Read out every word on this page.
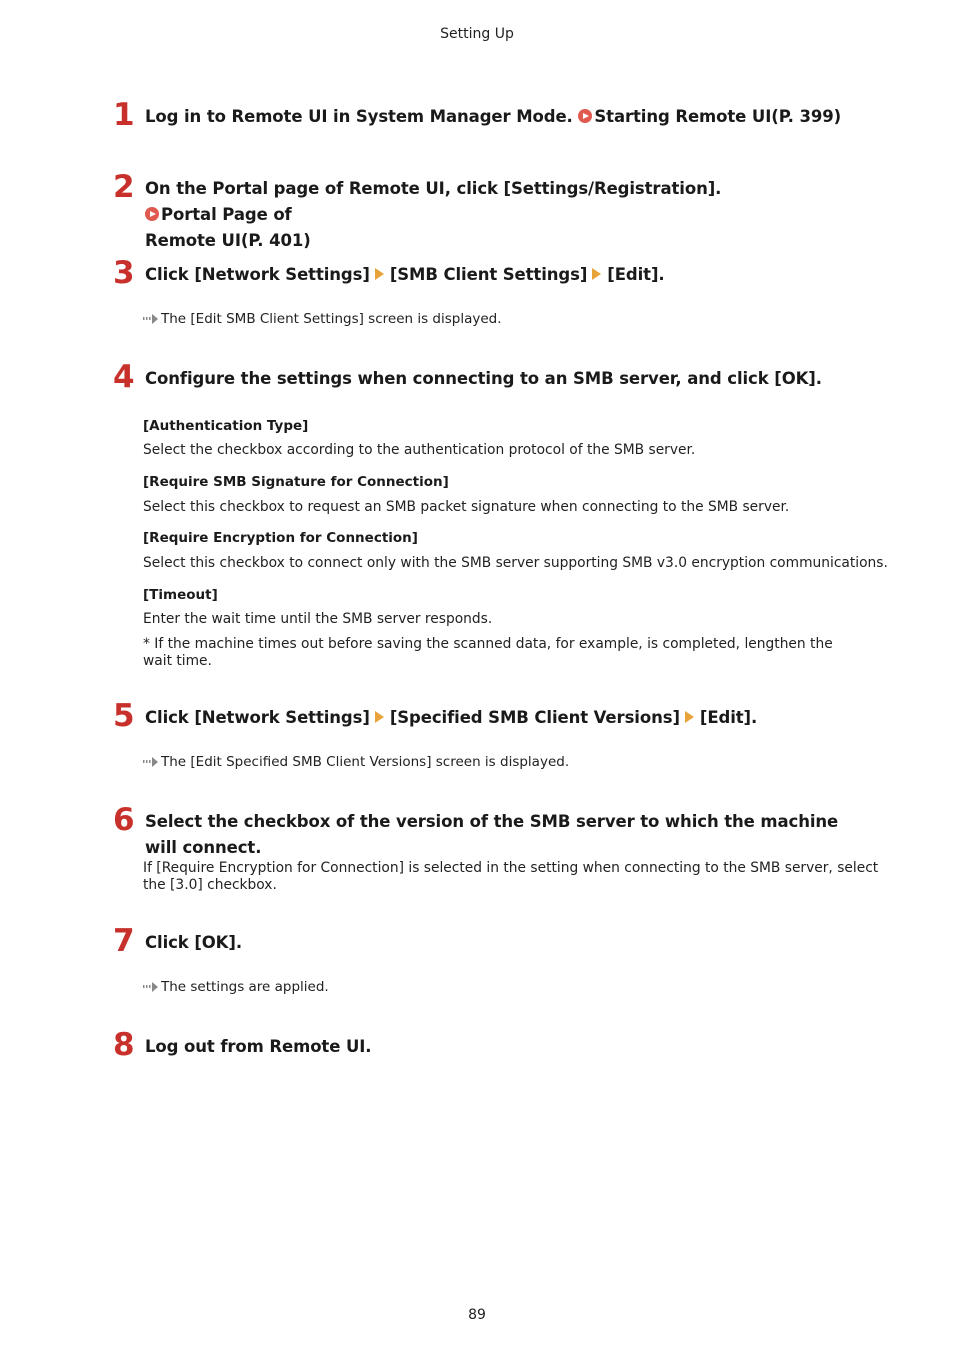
Setting Up
1 Log in to Remote UI in System Manager Mode. Starting Remote UI(P. 399)
2 On the Portal page of Remote UI, click [Settings/Registration]. Portal Page of
Remote UI(P. 401)
3 Click [Network Settings] [SMB Client Settings] [Edit].
The [Edit SMB Client Settings] screen is displayed.
4 Configure the settings when connecting to an SMB server, and click [OK].
[Authentication Type]
Select the checkbox according to the authentication protocol of the SMB server.
[Require SMB Signature for Connection]
Select this checkbox to request an SMB packet signature when connecting to the SMB server.
[Require Encryption for Connection]
Select this checkbox to connect only with the SMB server supporting SMB v3.0 encryption communications.
[Timeout]
Enter the wait time until the SMB server responds.
* If the machine times out before saving the scanned data, for example, is completed, lengthen the wait time.
5 Click [Network Settings] [Specified SMB Client Versions] [Edit].
The [Edit Specified SMB Client Versions] screen is displayed.
6 Select the checkbox of the version of the SMB server to which the machine will connect.
If [Require Encryption for Connection] is selected in the setting when connecting to the SMB server, select the [3.0] checkbox.
7 Click [OK].
The settings are applied.
8 Log out from Remote UI.
89
